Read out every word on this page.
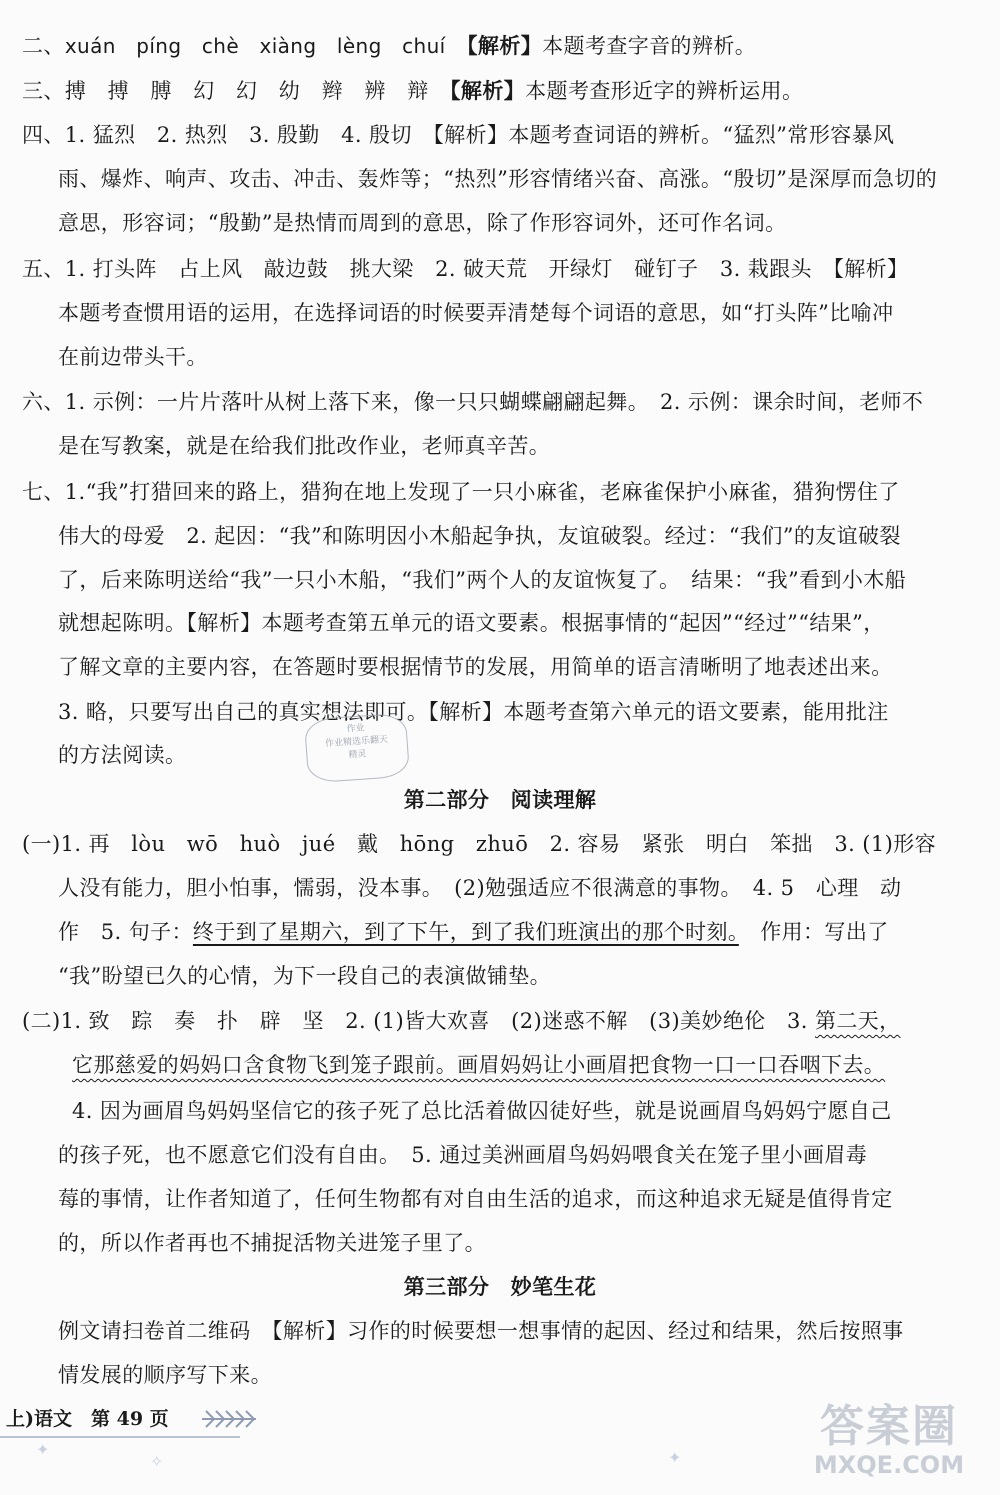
二、xuán　píng　chè　xiàng　lèng　chuí　 【解析】本题考查字音的辨析。
三、搏　搏　膊　幻　幻　幼　辫　辨　辩　 【解析】本题考查形近字的辨析运用。
四、1. 猛烈　2. 热烈　3. 殷勤　4. 殷切　【解析】本题考查词语的辨析。“猛烈”常形容暴风
雨、爆炸、响声、攻击、冲击、轰炸等；“热烈”形容情绪兴奋、高涨。“殷切”是深厚而急切的
意思，形容词；“殷勤”是热情而周到的意思，除了作形容词外，还可作名词。
五、1. 打头阵　占上风　敲边鼓　挑大梁　2. 破天荒　开绿灯　碰钉子　3. 栽跟头　【解析】
本题考查惯用语的运用，在选择词语的时候要弄清楚每个词语的意思，如“打头阵”比喻冲
在前边带头干。
六、1. 示例：一片片落叶从树上落下来，像一只只蝴蝶翩翩起舞。　2. 示例：课余时间，老师不
是在写教案，就是在给我们批改作业，老师真辛苦。
七、1.“我”打猎回来的路上，猎狗在地上发现了一只小麻雀，老麻雀保护小麻雀，猎狗愣住了
伟大的母爱　2. 起因：“我”和陈明因小木船起争执，友谊破裂。经过：“我们”的友谊破裂
了，后来陈明送给“我”一只小木船，“我们”两个人的友谊恢复了。　结果：“我”看到小木船
就想起陈明。【解析】本题考查第五单元的语文要素。根据事情的“起因”“经过”“结果”，
了解文章的主要内容，在答题时要根据情节的发展，用简单的语言清晰明了地表述出来。
3. 略，只要写出自己的真实想法即可。【解析】本题考查第六单元的语文要素，能用批注
的方法阅读。
作业
作业精选乐翻天
精灵
第二部分　阅读理解
(一)1. 再　lòu　wō　huò　jué　戴　hōng　zhuō　2. 容易　紧张　明白　笨拙　3. (1)形容
人没有能力，胆小怕事，懦弱，没本事。　(2)勉强适应不很满意的事物。　4. 5　心理　动
作　5. 句子：终于到了星期六，到了下午，到了我们班演出的那个时刻。　作用：写出了
“我”盼望已久的心情，为下一段自己的表演做铺垫。
(二)1. 致　踪　奏　扑　辟　坚　2. (1)皆大欢喜　(2)迷惑不解　(3)美妙绝伦　3. 第二天，
它那慈爱的妈妈口含食物飞到笼子跟前。画眉妈妈让小画眉把食物一口一口吞咽下去。
4. 因为画眉鸟妈妈坚信它的孩子死了总比活着做囚徒好些，就是说画眉鸟妈妈宁愿自己
的孩子死，也不愿意它们没有自由。　5. 通过美洲画眉鸟妈妈喂食关在笼子里小画眉毒
莓的事情，让作者知道了，任何生物都有对自由生活的追求，而这种追求无疑是值得肯定
的，所以作者再也不捕捉活物关进笼子里了。
第三部分　妙笔生花
例文请扫卷首二维码　【解析】习作的时候要想一想事情的起因、经过和结果，然后按照事
情发展的顺序写下来。
上)语文　第 49 页
✦
✧	✦
答案圈
MXQE.COM
